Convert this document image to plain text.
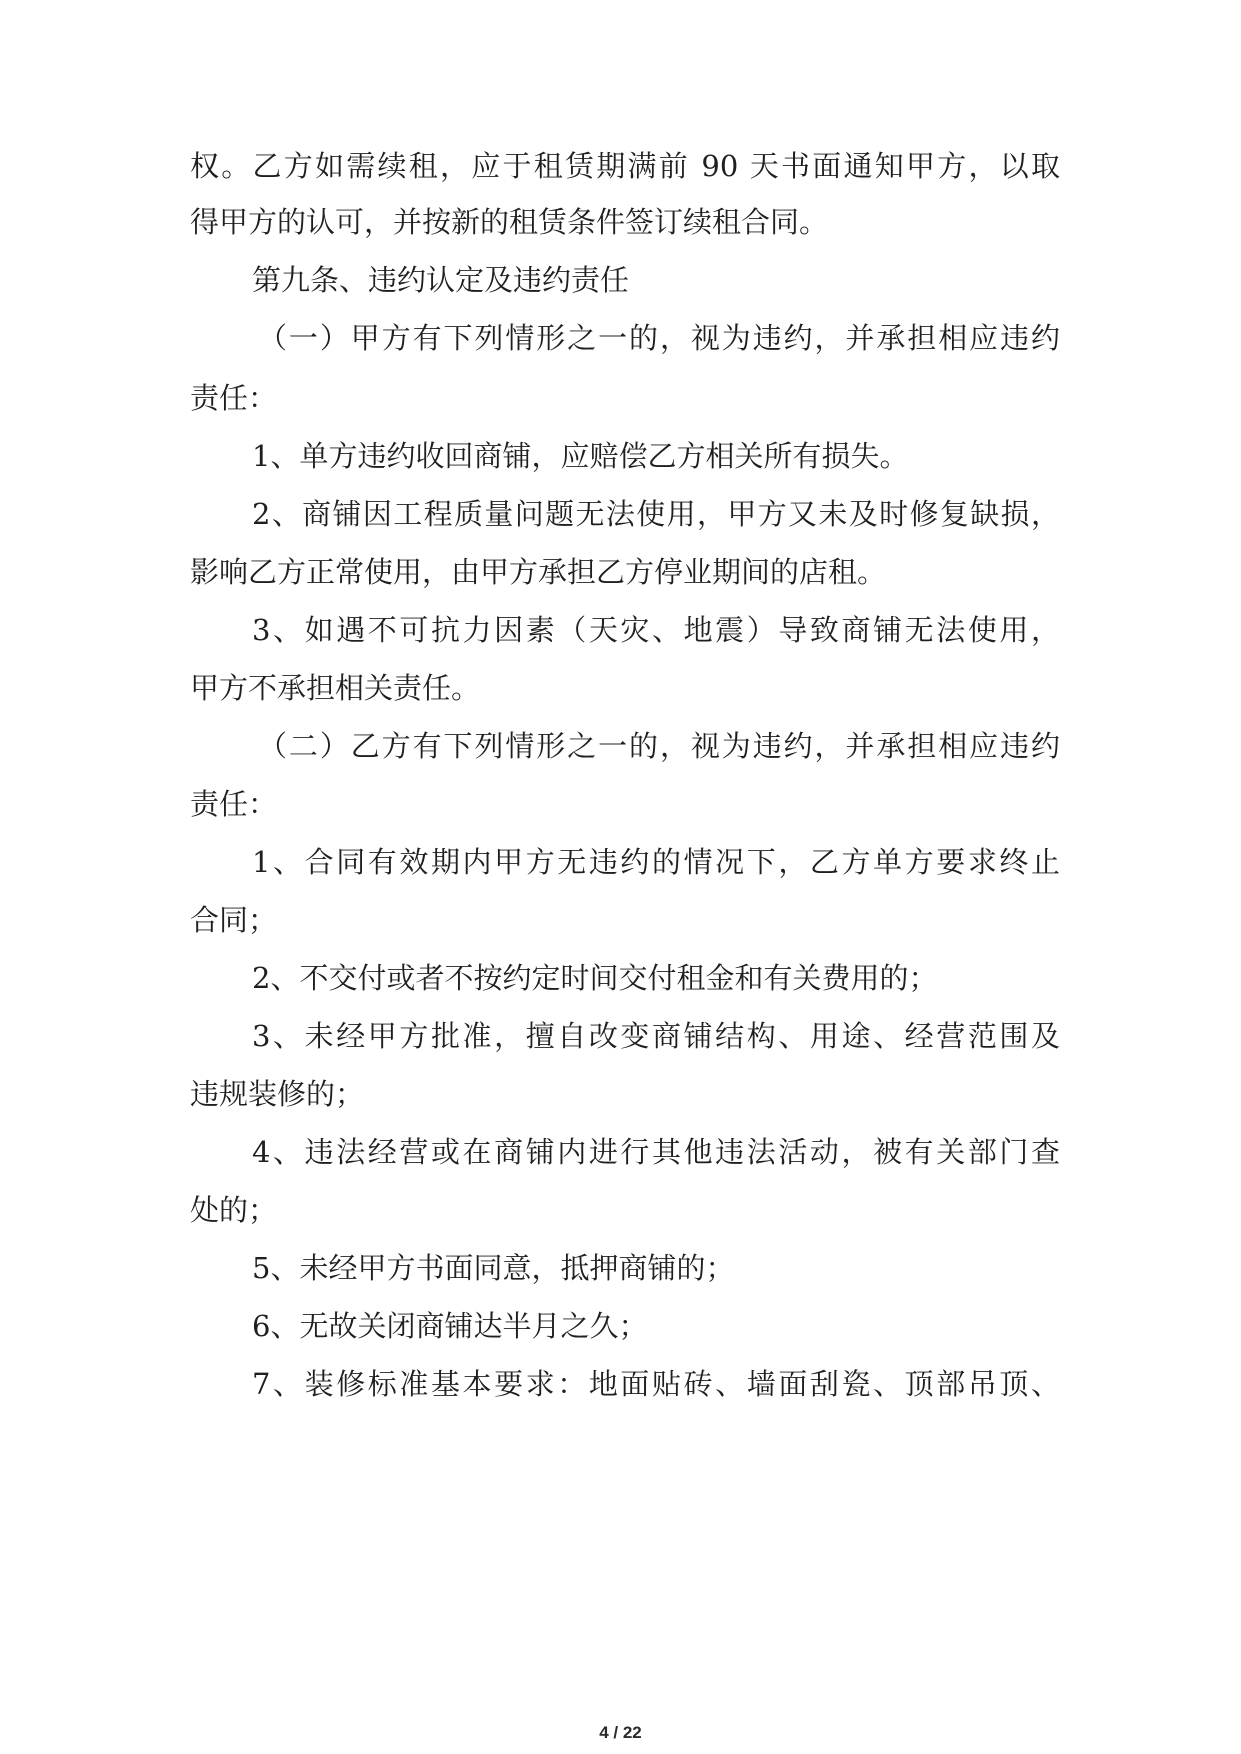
权。乙方如需续租，应于租赁期满前 90 天书面通知甲方，以取
得甲方的认可，并按新的租赁条件签订续租合同。
第九条、违约认定及违约责任
（一）甲方有下列情形之一的，视为违约，并承担相应违约
责任：
1、单方违约收回商铺，应赔偿乙方相关所有损失。
2、商铺因工程质量问题无法使用，甲方又未及时修复缺损，
影响乙方正常使用，由甲方承担乙方停业期间的店租。
3、如遇不可抗力因素（天灾、地震）导致商铺无法使用，
甲方不承担相关责任。
（二）乙方有下列情形之一的，视为违约，并承担相应违约
责任：
1、合同有效期内甲方无违约的情况下，乙方单方要求终止
合同；
2、不交付或者不按约定时间交付租金和有关费用的；
3、未经甲方批准，擅自改变商铺结构、用途、经营范围及
违规装修的；
4、违法经营或在商铺内进行其他违法活动，被有关部门查
处的；
5、未经甲方书面同意，抵押商铺的；
6、无故关闭商铺达半月之久；
7、装修标准基本要求：地面贴砖、墙面刮瓷、顶部吊顶、
4 / 22
